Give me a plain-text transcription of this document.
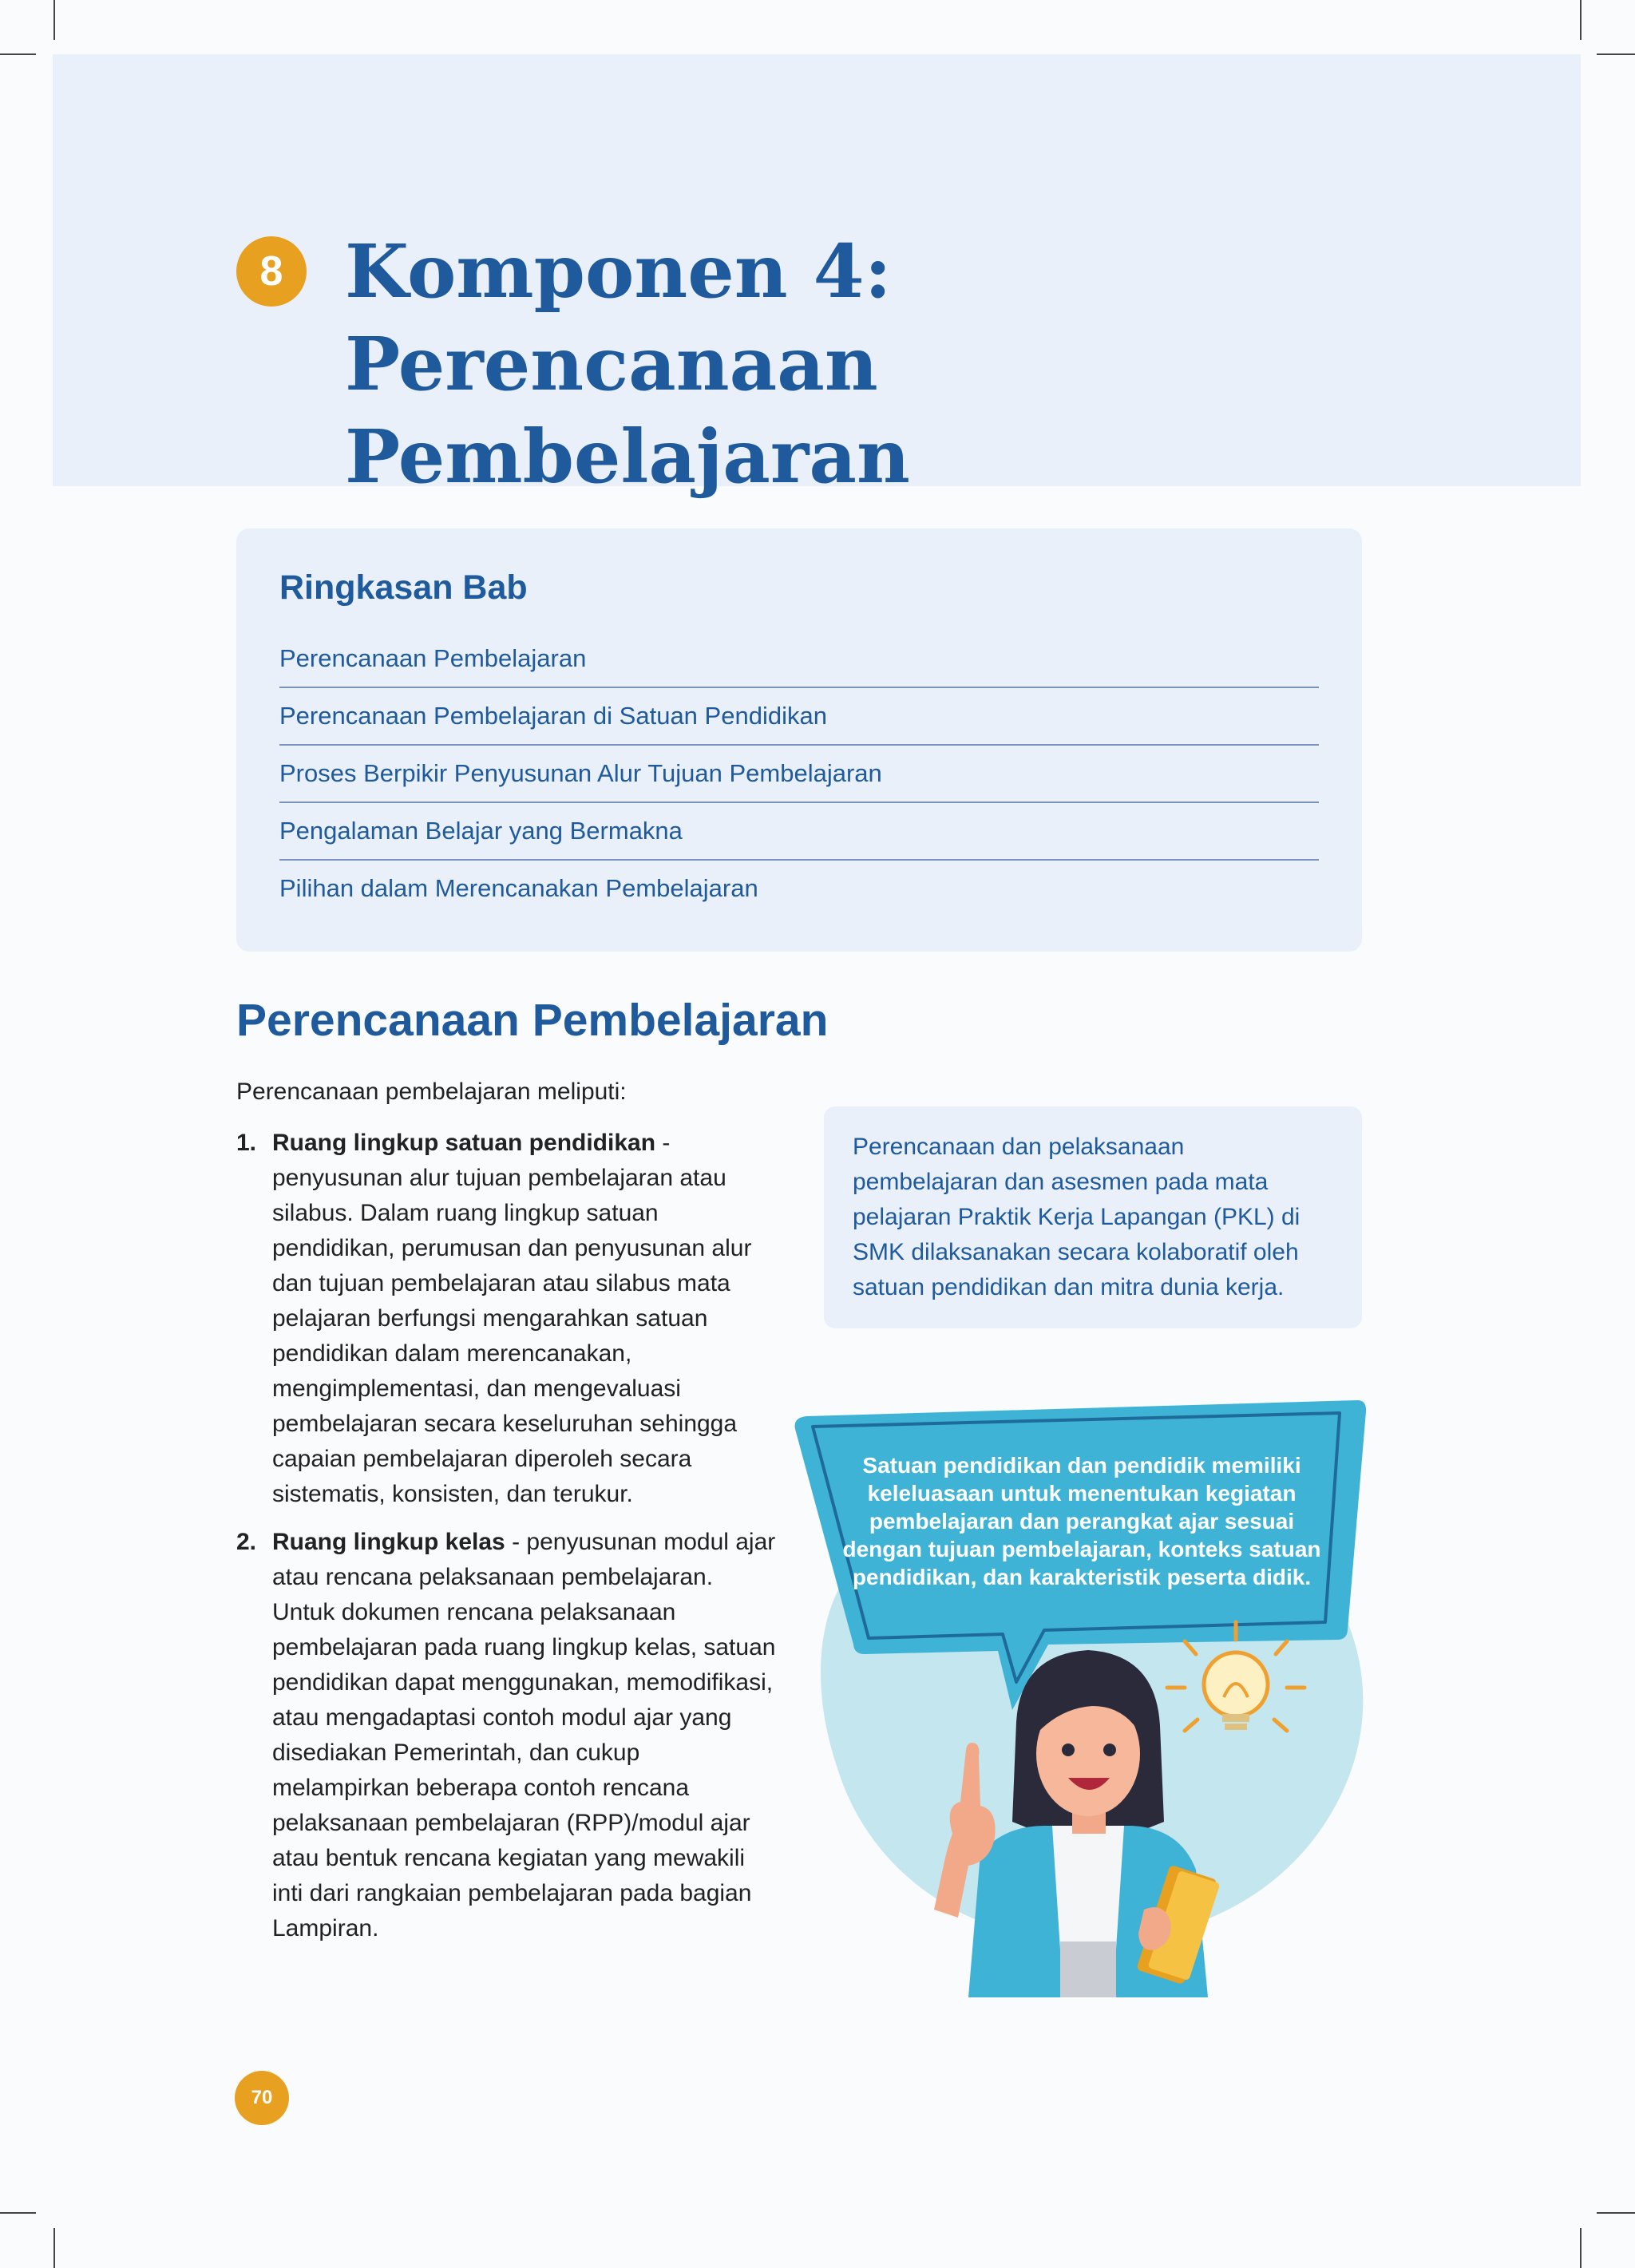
8 Komponen 4: Perencanaan Pembelajaran
Ringkasan Bab
Perencanaan Pembelajaran
Perencanaan Pembelajaran di Satuan Pendidikan
Proses Berpikir Penyusunan Alur Tujuan Pembelajaran
Pengalaman Belajar yang Bermakna
Pilihan dalam Merencanakan Pembelajaran
Perencanaan Pembelajaran

Perencanaan pembelajaran meliputi:

1. Ruang lingkup satuan pendidikan - penyusunan alur tujuan pembelajaran atau silabus. Dalam ruang lingkup satuan pendidikan, perumusan dan penyusunan alur dan tujuan pembelajaran atau silabus mata pelajaran berfungsi mengarahkan satuan pendidikan dalam merencanakan, mengimplementasi, dan mengevaluasi pembelajaran secara keseluruhan sehingga capaian pembelajaran diperoleh secara sistematis, konsisten, dan terukur.
2. Ruang lingkup kelas - penyusunan modul ajar atau rencana pelaksanaan pembelajaran. Untuk dokumen rencana pelaksanaan pembelajaran pada ruang lingkup kelas, satuan pendidikan dapat menggunakan, memodifikasi, atau mengadaptasi contoh modul ajar yang disediakan Pemerintah, dan cukup melampirkan beberapa contoh rencana pelaksanaan pembelajaran (RPP)/modul ajar atau bentuk rencana kegiatan yang mewakili inti dari rangkaian pembelajaran pada bagian Lampiran.

Perencanaan dan pelaksanaan pembelajaran dan asesmen pada mata pelajaran Praktik Kerja Lapangan (PKL) di SMK dilaksanakan secara kolaboratif oleh satuan pendidikan dan mitra dunia kerja.

Satuan pendidikan dan pendidik memiliki keleluasaan untuk menentukan kegiatan pembelajaran dan perangkat ajar sesuai dengan tujuan pembelajaran, konteks satuan pendidikan, dan karakteristik peserta didik.

70
